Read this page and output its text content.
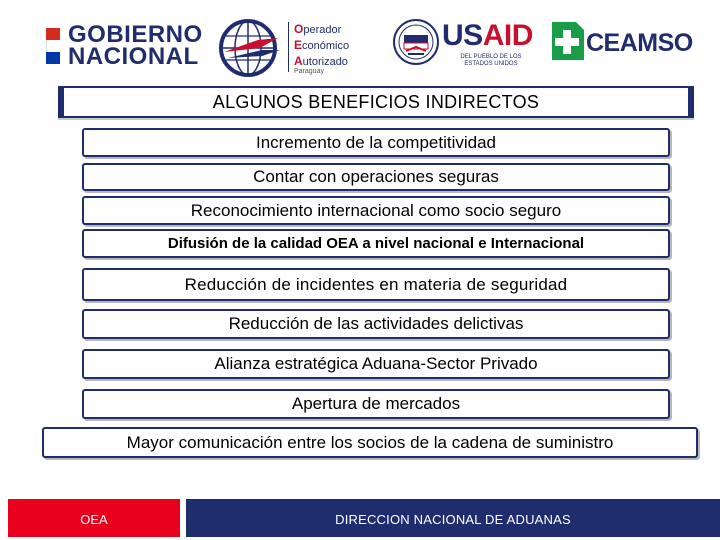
GOBIERNO
NACIONAL
Operador
Económico
Autorizado
Paraguay
USAID
DEL PUEBLO DE LOS
ESTADOS UNIDOS
CEAMSO
ALGUNOS BENEFICIOS INDIRECTOS
Incremento de la competitividad
Contar con operaciones seguras
Reconocimiento internacional como socio seguro
Difusión de la calidad OEA a nivel nacional e Internacional
Reducción de incidentes en materia de seguridad
Reducción de las actividades delictivas
Alianza estratégica Aduana-Sector Privado
Apertura de mercados
Mayor comunicación entre los socios de la cadena de suministro
OEA	DIRECCION NACIONAL DE ADUANAS
